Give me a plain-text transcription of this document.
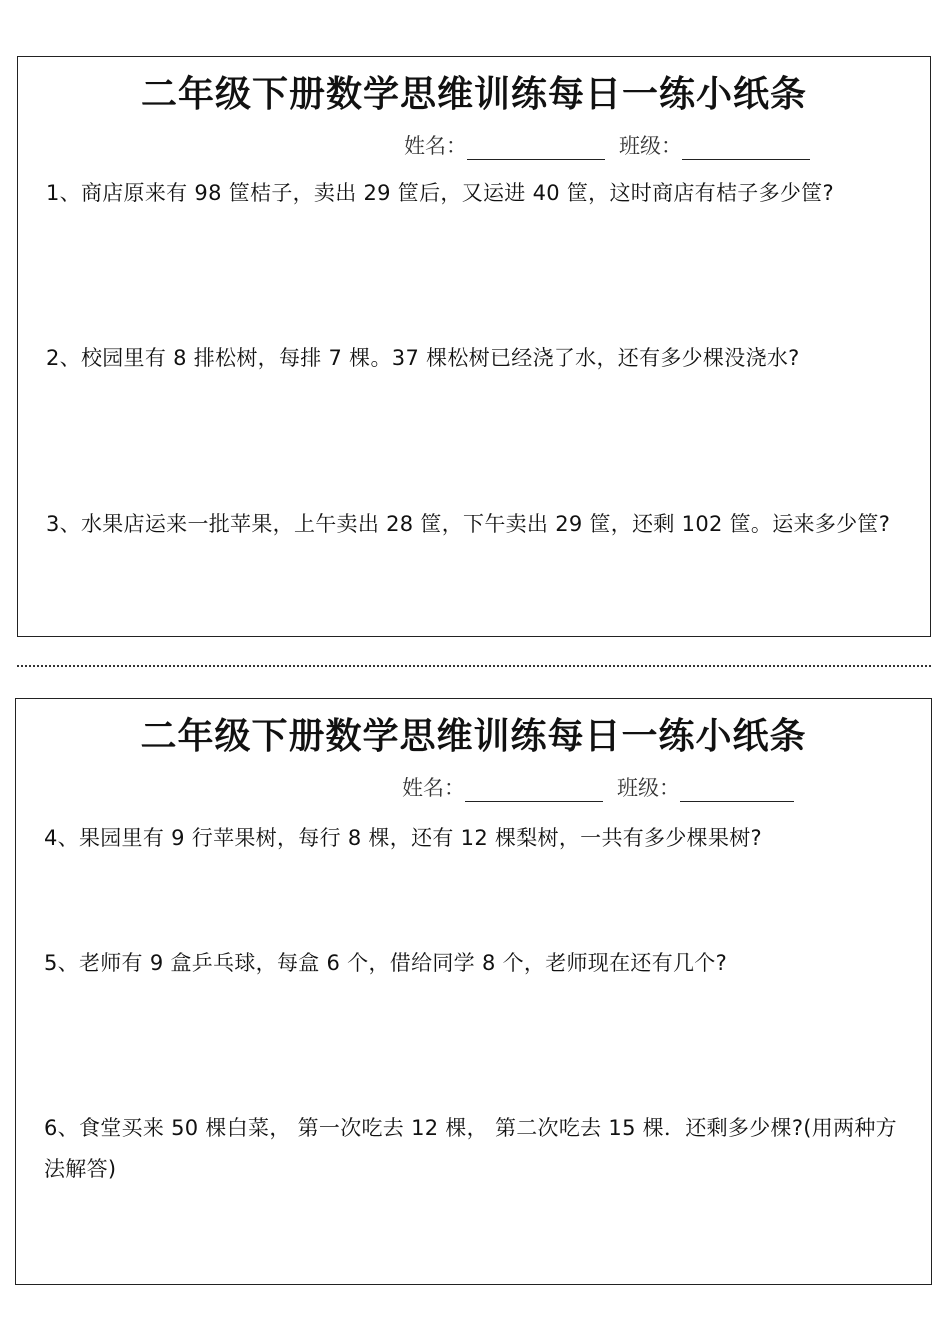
二年级下册数学思维训练每日一练小纸条
姓名：	班级：

1、商店原来有 98 筐桔子，卖出 29 筐后，又运进 40 筐，这时商店有桔子多少筐?

2、校园里有 8 排松树，每排 7 棵。37 棵松树已经浇了水，还有多少棵没浇水?

3、水果店运来一批苹果，上午卖出 28 筐，下午卖出 29 筐，还剩 102 筐。运来多少筐?

二年级下册数学思维训练每日一练小纸条
姓名：	班级：

4、果园里有 9 行苹果树，每行 8 棵，还有 12 棵梨树，一共有多少棵果树?

5、老师有 9 盒乒乓球，每盒 6 个，借给同学 8 个，老师现在还有几个?

6、食堂买来 50 棵白菜， 第一次吃去 12 棵， 第二次吃去 15 棵．还剩多少棵?(用两种方法解答)
